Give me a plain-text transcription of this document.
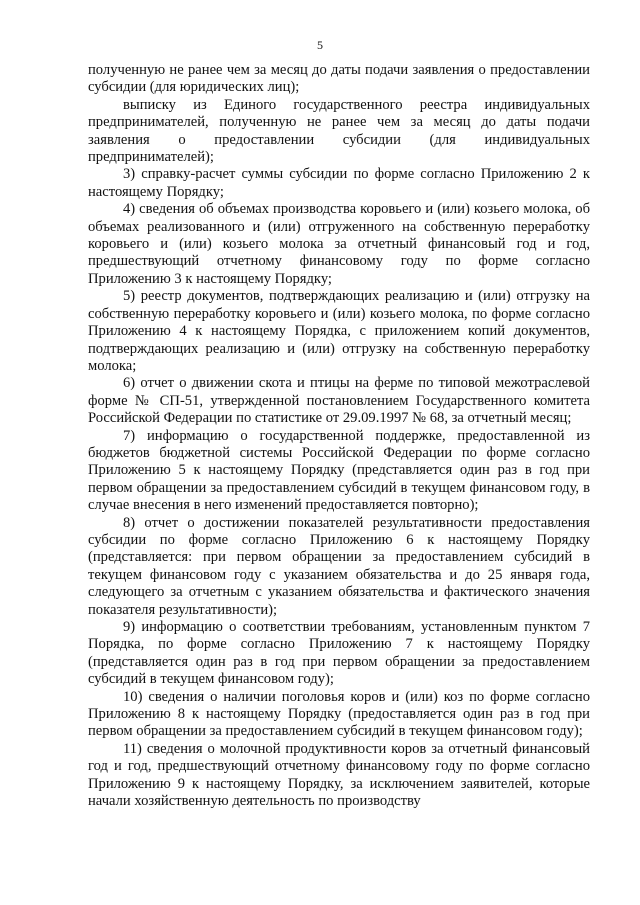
5

полученную не ранее чем за месяц до даты подачи заявления о предоставлении субсидии (для юридических лиц);

выписку из Единого государственного реестра индивидуальных предпринимателей, полученную не ранее чем за месяц до даты подачи заявления о предоставлении субсидии (для индивидуальных предпринимателей);

3) справку-расчет суммы субсидии по форме согласно Приложению 2 к настоящему Порядку;

4) сведения об объемах производства коровьего и (или) козьего молока, об объемах реализованного и (или) отгруженного на собственную переработку коровьего и (или) козьего молока за отчетный финансовый год и год, предшествующий отчетному финансовому году по форме согласно Приложению 3 к настоящему Порядку;

5) реестр документов, подтверждающих реализацию и (или) отгрузку на собственную переработку коровьего и (или) козьего молока, по форме согласно Приложению 4 к настоящему Порядка, с приложением копий документов, подтверждающих реализацию и (или) отгрузку на собственную переработку молока;

6) отчет о движении скота и птицы на ферме по типовой межотраслевой форме № СП-51, утвержденной постановлением Государственного комитета Российской Федерации по статистике от 29.09.1997 № 68, за отчетный месяц;

7) информацию о государственной поддержке, предоставленной из бюджетов бюджетной системы Российской Федерации по форме согласно Приложению 5 к настоящему Порядку (представляется один раз в год при первом обращении за предоставлением субсидий в текущем финансовом году, в случае внесения в него изменений предоставляется повторно);

8) отчет о достижении показателей результативности предоставления субсидии по форме согласно Приложению 6 к настоящему Порядку (представляется: при первом обращении за предоставлением субсидий в текущем финансовом году с указанием обязательства и до 25 января года, следующего за отчетным с указанием обязательства и фактического значения показателя результативности);

9) информацию о соответствии требованиям, установленным пунктом 7 Порядка, по форме согласно Приложению 7 к настоящему Порядку (представляется один раз в год при первом обращении за предоставлением субсидий в текущем финансовом году);

10) сведения о наличии поголовья коров и (или) коз по форме согласно Приложению 8 к настоящему Порядку (предоставляется один раз в год при первом обращении за предоставлением субсидий в текущем финансовом году);

11) сведения о молочной продуктивности коров за отчетный финансовый год и год, предшествующий отчетному финансовому году по форме согласно Приложению 9 к настоящему Порядку, за исключением заявителей, которые начали хозяйственную деятельность по производству
